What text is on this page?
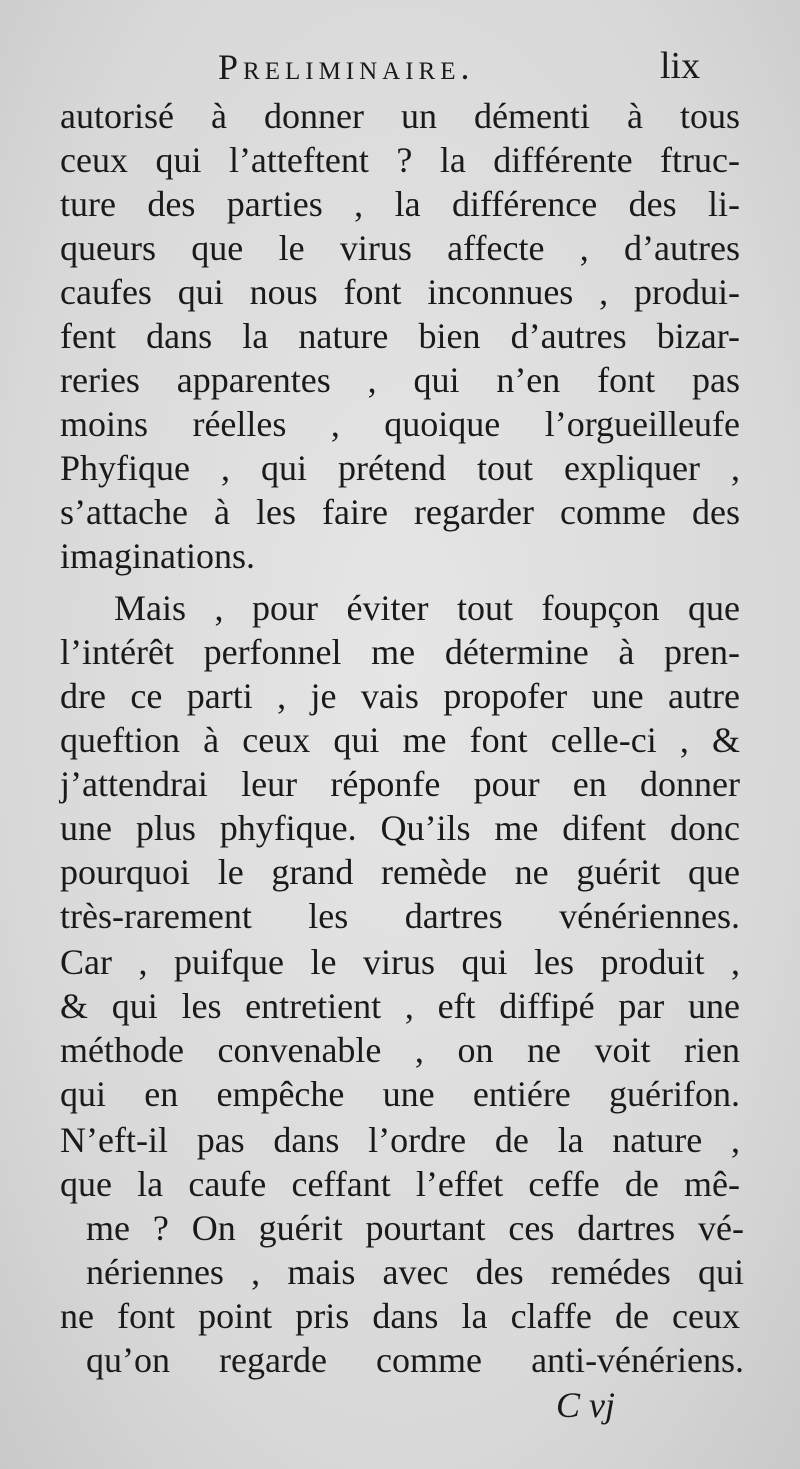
Preliminaire.	lix
autorisé à donner un démenti à tous
ceux qui l’atteftent ? la différente ftruc-
ture des parties , la différence des li-
queurs que le virus affecte , d’autres
caufes qui nous font inconnues , produi-
fent dans la nature bien d’autres bizar-
reries apparentes , qui n’en font pas
moins réelles , quoique l’orgueilleufe
Phyfique , qui prétend tout expliquer ,
s’attache à les faire regarder comme des
imaginations.
Mais , pour éviter tout foupçon que
l’intérêt perfonnel me détermine à pren-
dre ce parti , je vais propofer une autre
queftion à ceux qui me font celle-ci , &
j’attendrai leur réponfe pour en donner
une plus phyfique. Qu’ils me difent donc
pourquoi le grand remède ne guérit que
très-rarement les dartres vénériennes.
Car , puifque le virus qui les produit ,
& qui les entretient , eft diffipé par une
méthode convenable , on ne voit rien
qui en empêche une entiére guérifon.
N’eft-il pas dans l’ordre de la nature ,
que la caufe ceffant l’effet ceffe de mê-
me ? On guérit pourtant ces dartres vé-
nériennes , mais avec des remédes qui
ne font point pris dans la claffe de ceux
qu’on regarde comme anti-vénériens.
C vj
